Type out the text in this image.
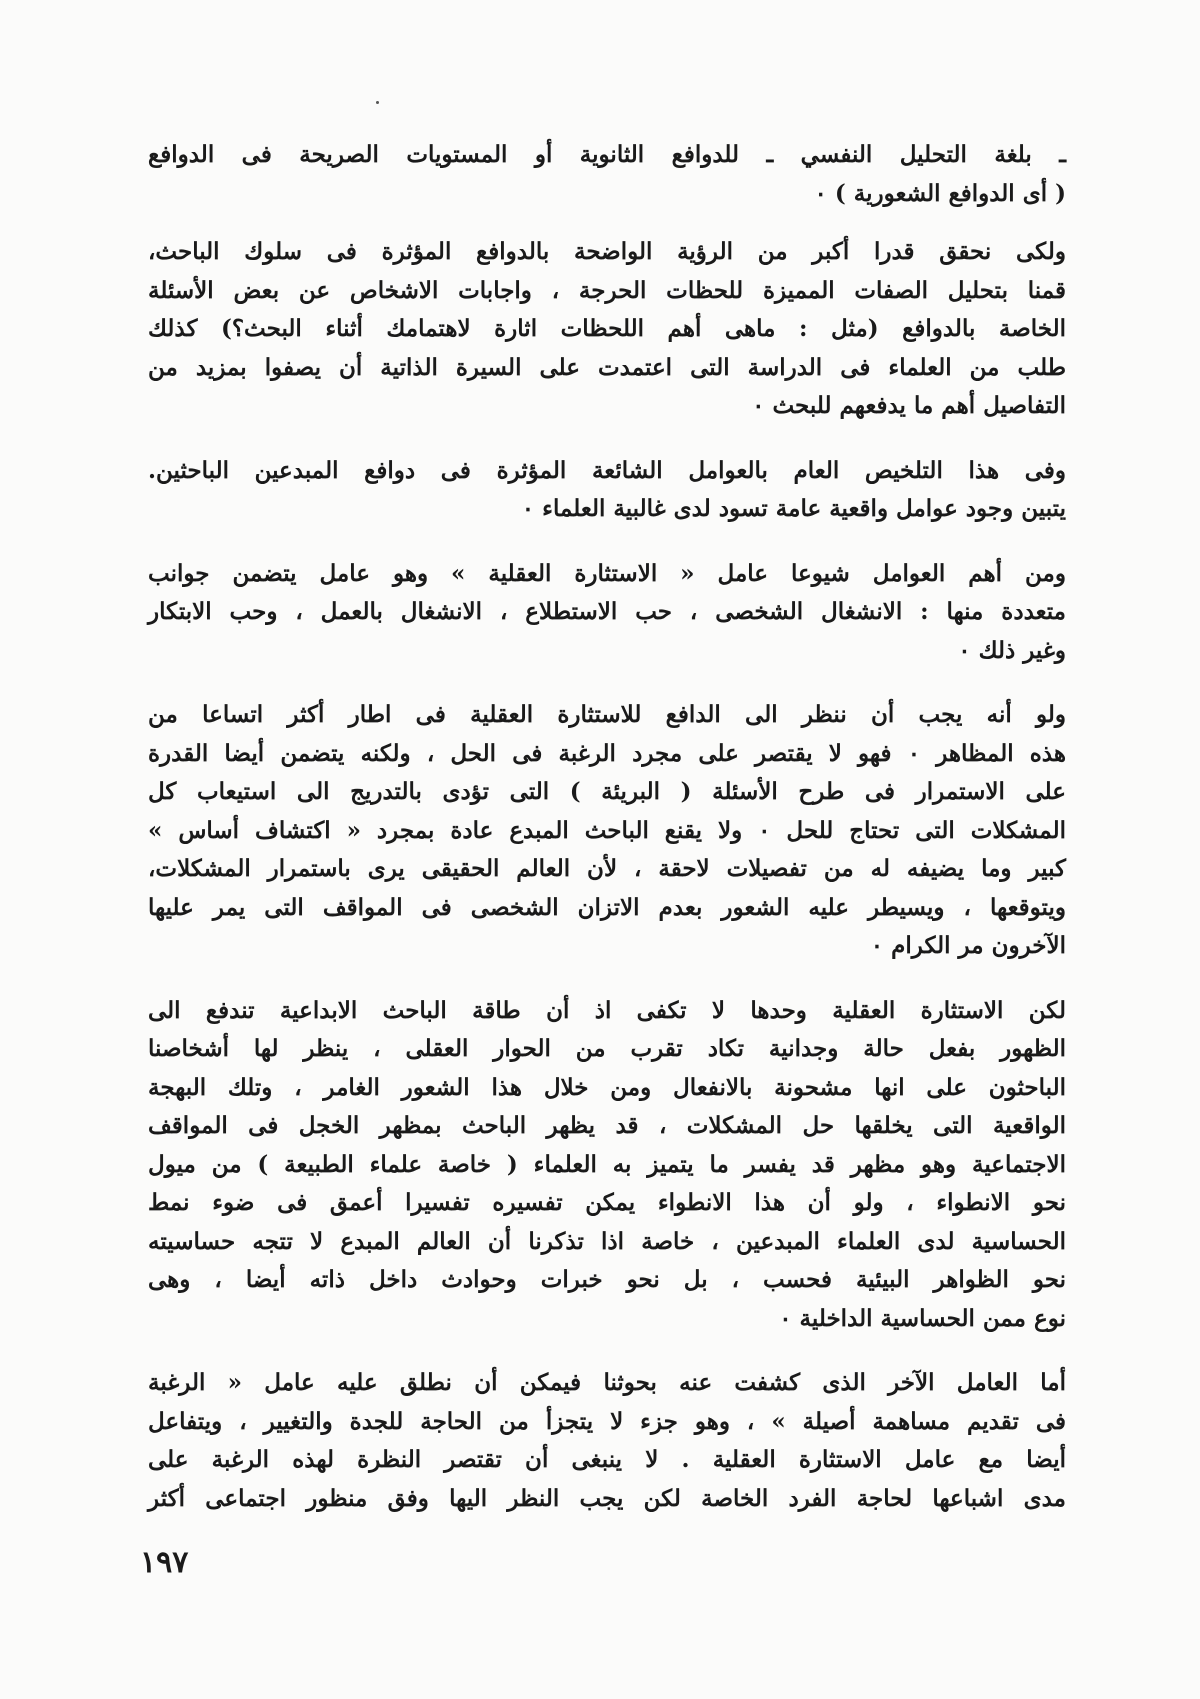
ـ بلغة التحليل النفسي ـ للدوافع الثانوية أو المستويات الصريحة فى الدوافع
( أى الدوافع الشعورية ) ٠
ولكى نحقق قدرا أكبر من الرؤية الواضحة بالدوافع المؤثرة فى سلوك الباحث،
قمنا بتحليل الصفات المميزة للحظات الحرجة ، واجابات الاشخاص عن بعض الأسئلة
الخاصة بالدوافع (مثل : ماهى أهم اللحظات اثارة لاهتمامك أثناء البحث؟) كذلك
طلب من العلماء فى الدراسة التى اعتمدت على السيرة الذاتية أن يصفوا بمزيد من
التفاصيل أهم ما يدفعهم للبحث ٠
وفى هذا التلخيص العام بالعوامل الشائعة المؤثرة فى دوافع المبدعين الباحثين.
يتبين وجود عوامل واقعية عامة تسود لدى غالبية العلماء ٠
ومن أهم العوامل شيوعا عامل « الاستثارة العقلية » وهو عامل يتضمن جوانب
متعددة منها : الانشغال الشخصى ، حب الاستطلاع ، الانشغال بالعمل ، وحب الابتكار
وغير ذلك ٠
ولو أنه يجب أن ننظر الى الدافع للاستثارة العقلية فى اطار أكثر اتساعا من
هذه المظاهر ٠ فهو لا يقتصر على مجرد الرغبة فى الحل ، ولكنه يتضمن أيضا القدرة
على الاستمرار فى طرح الأسئلة ( البريئة ) التى تؤدى بالتدريج الى استيعاب كل
المشكلات التى تحتاج للحل ٠ ولا يقنع الباحث المبدع عادة بمجرد « اكتشاف أساس »
كبير وما يضيفه له من تفصيلات لاحقة ، لأن العالم الحقيقى يرى باستمرار المشكلات،
ويتوقعها ، ويسيطر عليه الشعور بعدم الاتزان الشخصى فى المواقف التى يمر عليها
الآخرون مر الكرام ٠
لكن الاستثارة العقلية وحدها لا تكفى اذ أن طاقة الباحث الابداعية تندفع الى
الظهور بفعل حالة وجدانية تكاد تقرب من الحوار العقلى ، ينظر لها أشخاصنا
الباحثون على انها مشحونة بالانفعال ومن خلال هذا الشعور الغامر ، وتلك البهجة
الواقعية التى يخلقها حل المشكلات ، قد يظهر الباحث بمظهر الخجل فى المواقف
الاجتماعية وهو مظهر قد يفسر ما يتميز به العلماء ( خاصة علماء الطبيعة ) من ميول
نحو الانطواء ، ولو أن هذا الانطواء يمكن تفسيره تفسيرا أعمق فى ضوء نمط
الحساسية لدى العلماء المبدعين ، خاصة اذا تذكرنا أن العالم المبدع لا تتجه حساسيته
نحو الظواهر البيئية فحسب ، بل نحو خبرات وحوادث داخل ذاته أيضا ، وهى
نوع ممن الحساسية الداخلية ٠
أما العامل الآخر الذى كشفت عنه بحوثنا فيمكن أن نطلق عليه عامل « الرغبة
فى تقديم مساهمة أصيلة » ، وهو جزء لا يتجزأ من الحاجة للجدة والتغيير ، ويتفاعل
أيضا مع عامل الاستثارة العقلية . لا ينبغى أن تقتصر النظرة لهذه الرغبة على
مدى اشباعها لحاجة الفرد الخاصة لكن يجب النظر اليها وفق منظور اجتماعى أكثر
١٩٧
